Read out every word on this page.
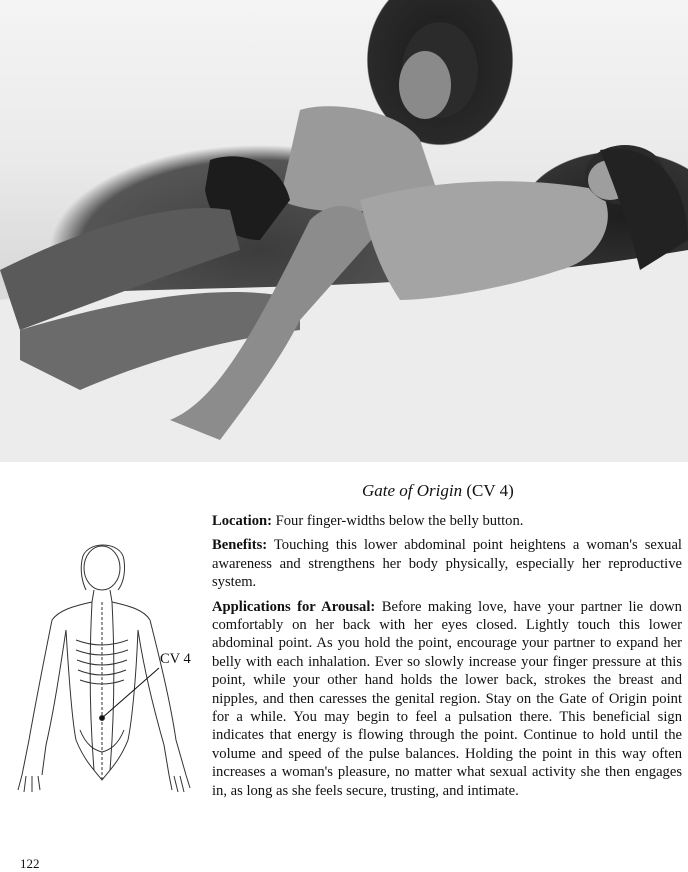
Gate of Origin (CV 4)

Location: Four finger-widths below the belly button.

Benefits: Touching this lower abdominal point heightens a woman's sexual awareness and strengthens her body physically, especially her reproductive system.

Applications for Arousal: Before making love, have your partner lie down comfortably on her back with her eyes closed. Lightly touch this lower abdominal point. As you hold the point, encourage your partner to expand her belly with each inhalation. Ever so slowly increase your finger pressure at this point, while your other hand holds the lower back, strokes the breast and nipples, and then caresses the genital region. Stay on the Gate of Origin point for a while. You may begin to feel a pulsation there. This beneficial sign indicates that energy is flowing through the point. Continue to hold until the volume and speed of the pulse balances. Holding the point in this way often increases a woman's pleasure, no matter what sexual activity she then engages in, as long as she feels secure, trusting, and intimate.

CV 4
122
